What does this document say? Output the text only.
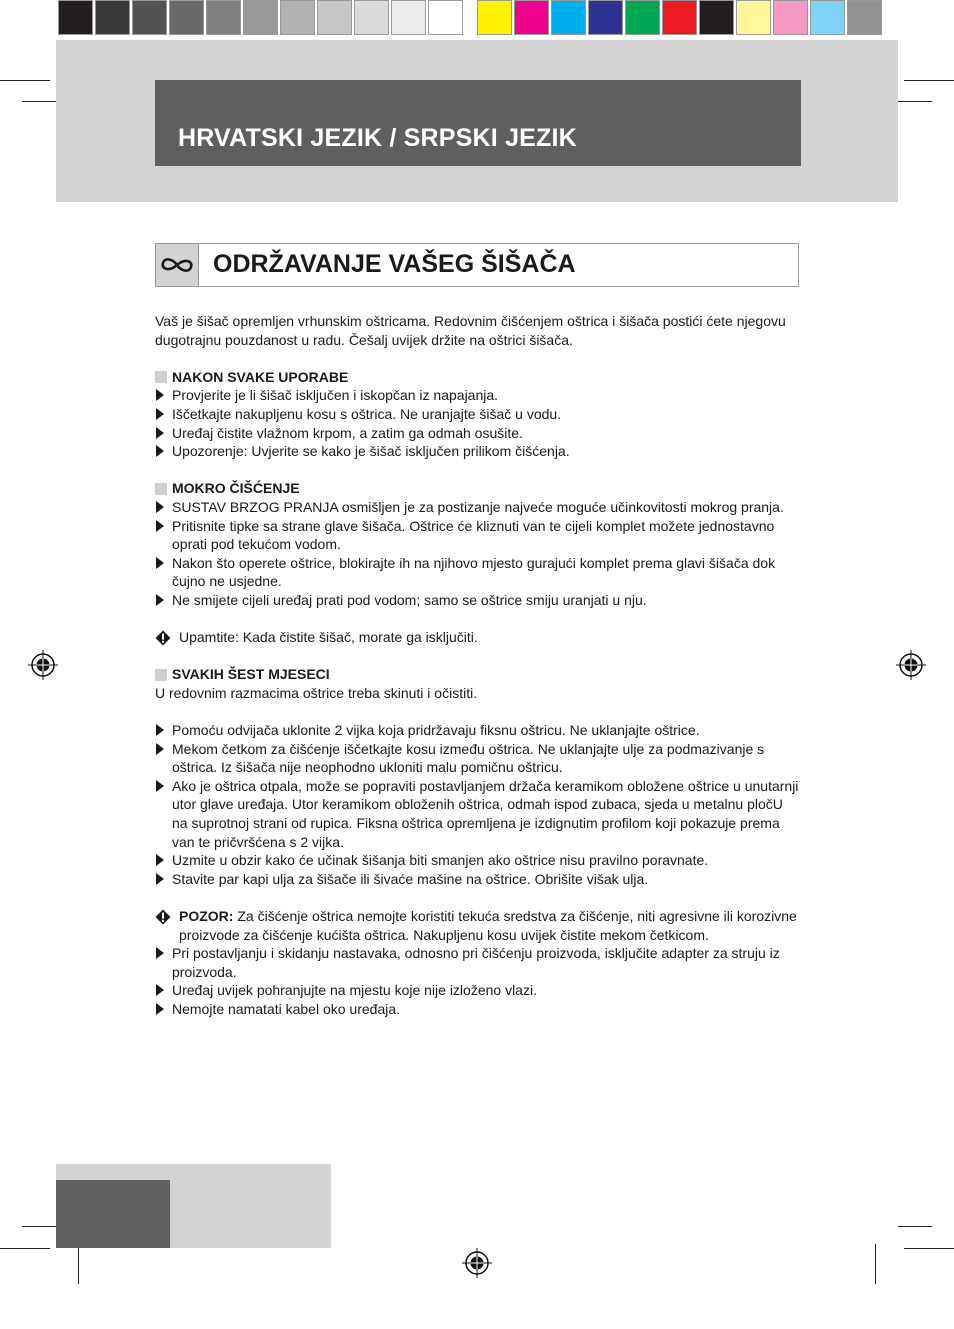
HRVATSKI JEZIK / SRPSKI JEZIK
ODRŽAVANJE VAŠEG ŠIŠAČA

Vaš je šišač opremljen vrhunskim oštricama. Redovnim čišćenjem oštrica i šišača postići ćete njegovu dugotrajnu pouzdanost u radu. Češalj uvijek držite na oštrici šišača.

NAKON SVAKE UPORABE

Provjerite je li šišač isključen i iskopčan iz napajanja.
Iščetkajte nakupljenu kosu s oštrica. Ne uranjajte šišač u vodu.
Uređaj čistite vlažnom krpom, a zatim ga odmah osušite.
Upozorenje: Uvjerite se kako je šišač isključen prilikom čišćenja.

MOKRO ČIŠĆENJE

SUSTAV BRZOG PRANJA osmišljen je za postizanje najveće moguće učinkovitosti mokrog pranja.
Pritisnite tipke sa strane glave šišača. Oštrice će kliznuti van te cijeli komplet možete jednostavno oprati pod tekućom vodom.
Nakon što operete oštrice, blokirajte ih na njihovo mjesto gurajući komplet prema glavi šišača dok čujno ne usjedne.
Ne smijete cijeli uređaj prati pod vodom; samo se oštrice smiju uranjati u nju.

Upamtite: Kada čistite šišač, morate ga isključiti.

SVAKIH ŠEST MJESECI

U redovnim razmacima oštrice treba skinuti i očistiti.

Pomoću odvijača uklonite 2 vijka koja pridržavaju fiksnu oštricu. Ne uklanjajte oštrice.
Mekom četkom za čišćenje iščetkajte kosu između oštrica. Ne uklanjajte ulje za podmazivanje s oštrica. Iz šišača nije neophodno ukloniti malu pomičnu oštricu.
Ako je oštrica otpala, može se popraviti postavljanjem držača keramikom obložene oštrice u unutarnji utor glave uređaja. Utor keramikom obloženih oštrica, odmah ispod zubaca, sjeda u metalnu pločU na suprotnoj strani od rupica. Fiksna oštrica opremljena je izdignutim profilom koji pokazuje prema van te pričvršćena s 2 vijka.
Uzmite u obzir kako će učinak šišanja biti smanjen ako oštrice nisu pravilno poravnate.
Stavite par kapi ulja za šišače ili šivaće mašine na oštrice. Obrišite višak ulja.

POZOR: Za čišćenje oštrica nemojte koristiti tekuća sredstva za čišćenje, niti agresivne ili korozivne proizvode za čišćenje kućišta oštrica. Nakupljenu kosu uvijek čistite mekom četkicom.

Pri postavljanju i skidanju nastavaka, odnosno pri čišćenju proizvoda, isključite adapter za struju iz proizvoda.
Uređaj uvijek pohranjujte na mjestu koje nije izloženo vlazi.
Nemojte namatati kabel oko uređaja.
